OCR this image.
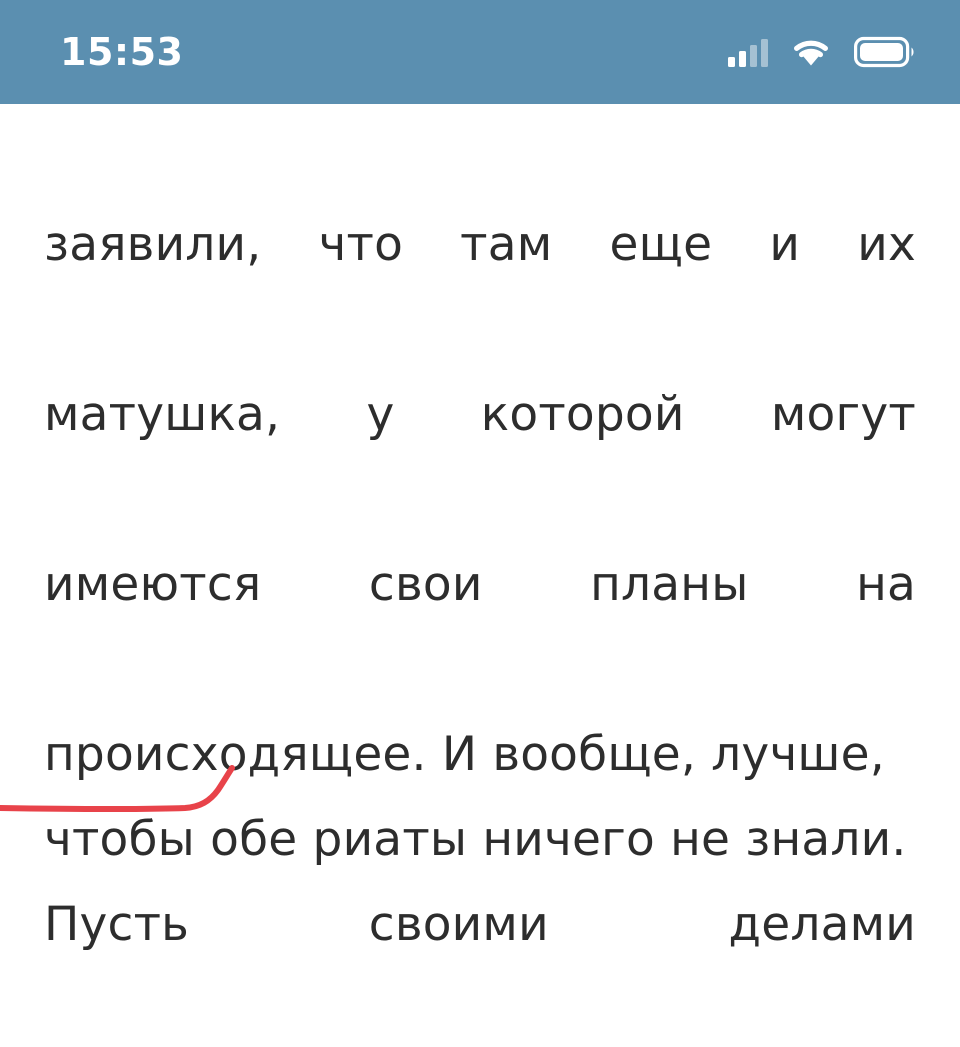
15:53

заявили, что там еще и их
матушка, у которой могут
имеются свои планы на
происходящее. И вообще, лучше,
чтобы обе риаты ничего не знали.
Пусть своими делами
